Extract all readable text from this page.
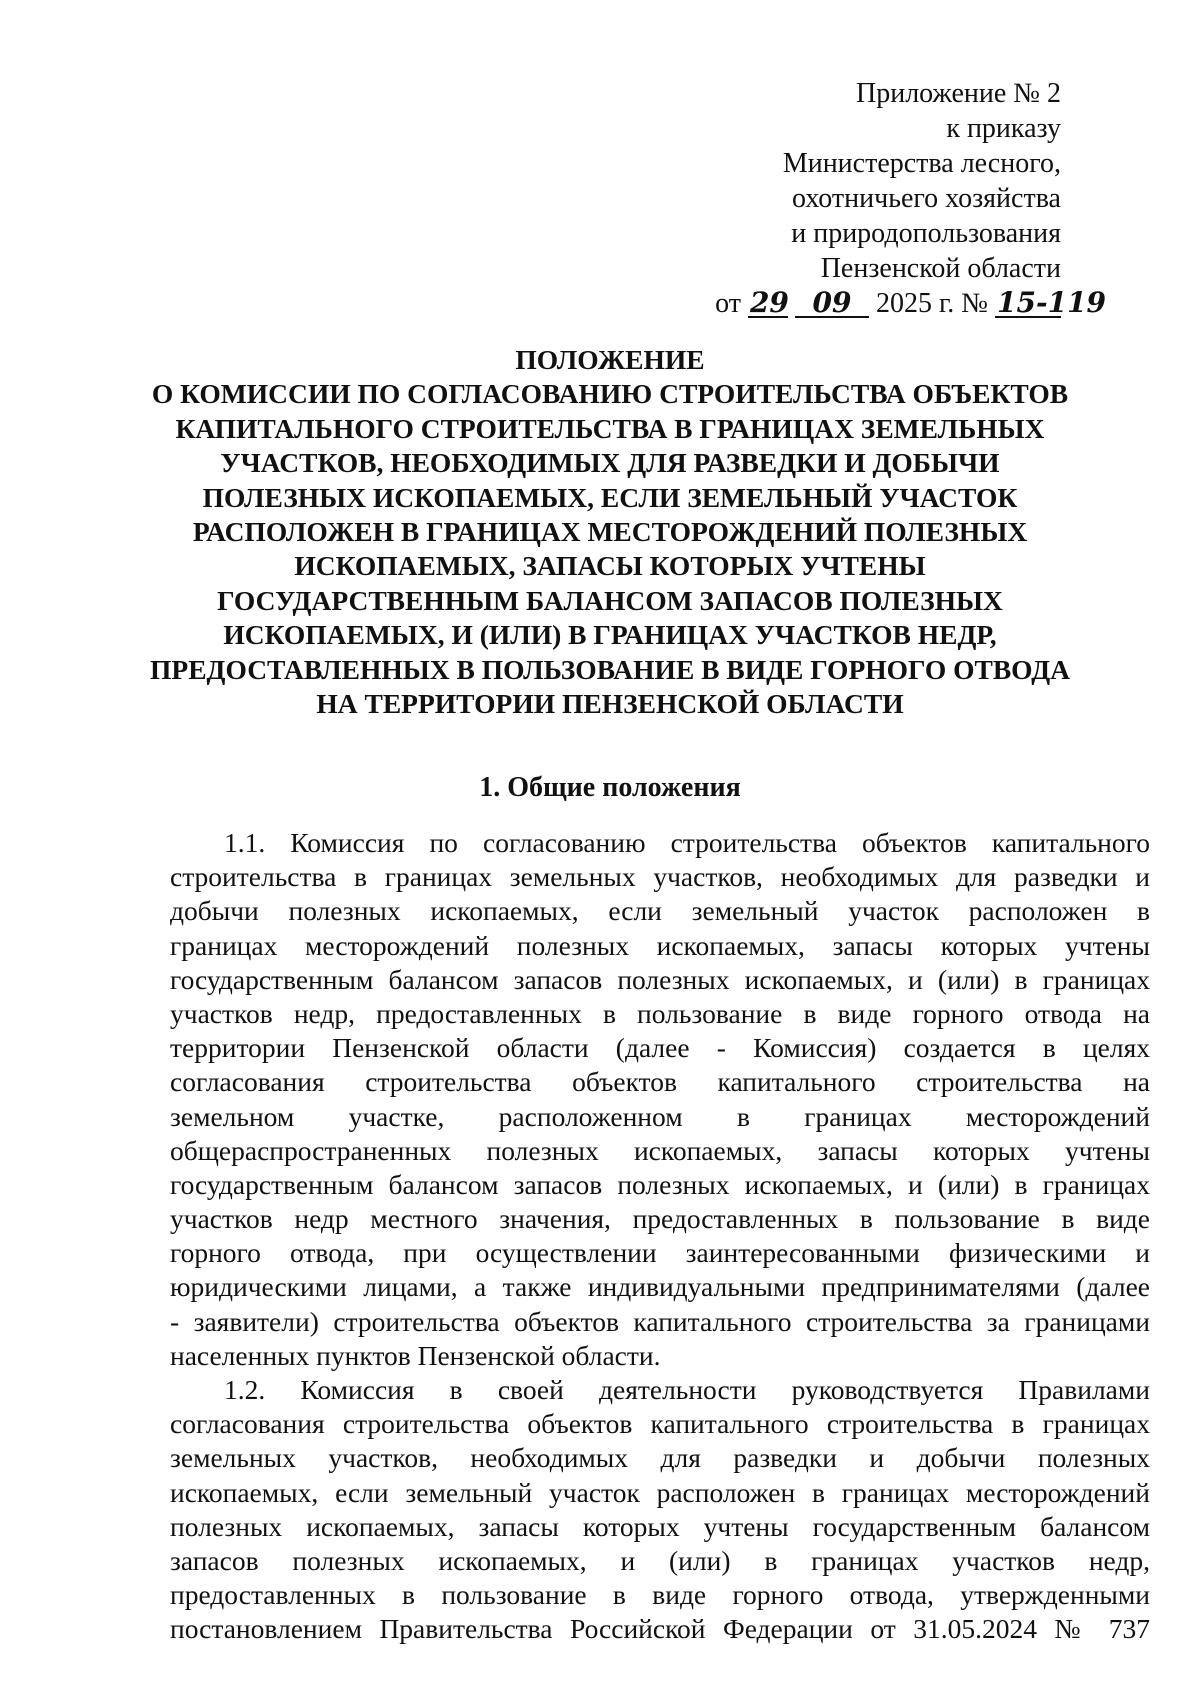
Приложение № 2
к приказу
Министерства лесного,
охотничьего хозяйства
и природопользования
Пензенской области
от 29 09 2025 г. № 15-119
ПОЛОЖЕНИЕ
О КОМИССИИ ПО СОГЛАСОВАНИЮ СТРОИТЕЛЬСТВА ОБЪЕКТОВ
КАПИТАЛЬНОГО СТРОИТЕЛЬСТВА В ГРАНИЦАХ ЗЕМЕЛЬНЫХ
УЧАСТКОВ, НЕОБХОДИМЫХ ДЛЯ РАЗВЕДКИ И ДОБЫЧИ
ПОЛЕЗНЫХ ИСКОПАЕМЫХ, ЕСЛИ ЗЕМЕЛЬНЫЙ УЧАСТОК
РАСПОЛОЖЕН В ГРАНИЦАХ МЕСТОРОЖДЕНИЙ ПОЛЕЗНЫХ
ИСКОПАЕМЫХ, ЗАПАСЫ КОТОРЫХ УЧТЕНЫ
ГОСУДАРСТВЕННЫМ БАЛАНСОМ ЗАПАСОВ ПОЛЕЗНЫХ
ИСКОПАЕМЫХ, И (ИЛИ) В ГРАНИЦАХ УЧАСТКОВ НЕДР,
ПРЕДОСТАВЛЕННЫХ В ПОЛЬЗОВАНИЕ В ВИДЕ ГОРНОГО ОТВОДА
НА ТЕРРИТОРИИ ПЕНЗЕНСКОЙ ОБЛАСТИ
1. Общие положения
1.1. Комиссия по согласованию строительства объектов капитального
строительства в границах земельных участков, необходимых для разведки и
добычи полезных ископаемых, если земельный участок расположен в
границах месторождений полезных ископаемых, запасы которых учтены
государственным балансом запасов полезных ископаемых, и (или) в границах
участков недр, предоставленных в пользование в виде горного отвода на
территории Пензенской области (далее - Комиссия) создается в целях
согласования строительства объектов капитального строительства на
земельном участке, расположенном в границах месторождений
общераспространенных полезных ископаемых, запасы которых учтены
государственным балансом запасов полезных ископаемых, и (или) в границах
участков недр местного значения, предоставленных в пользование в виде
горного отвода, при осуществлении заинтересованными физическими и
юридическими лицами, а также индивидуальными предпринимателями (далее
- заявители) строительства объектов капитального строительства за границами
населенных пунктов Пензенской области.
1.2. Комиссия в своей деятельности руководствуется Правилами
согласования строительства объектов капитального строительства в границах
земельных участков, необходимых для разведки и добычи полезных
ископаемых, если земельный участок расположен в границах месторождений
полезных ископаемых, запасы которых учтены государственным балансом
запасов полезных ископаемых, и (или) в границах участков недр,
предоставленных в пользование в виде горного отвода, утвержденными
постановлением Правительства Российской Федерации от 31.05.2024 № 737
